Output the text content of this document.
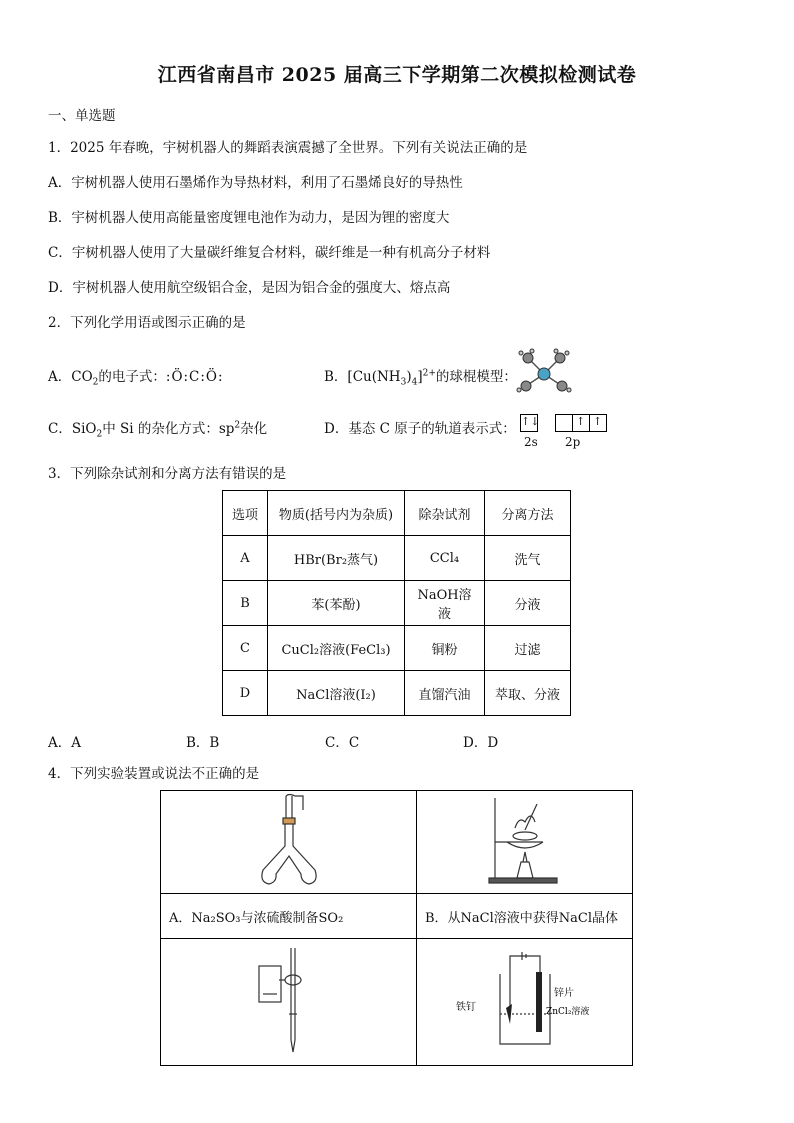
江西省南昌市 2025 届高三下学期第二次模拟检测试卷
一、单选题
1．2025 年春晚，宇树机器人的舞蹈表演震撼了全世界。下列有关说法正确的是
A．宇树机器人使用石墨烯作为导热材料，利用了石墨烯良好的导热性
B．宇树机器人使用高能量密度锂电池作为动力，是因为锂的密度大
C．宇树机器人使用了大量碳纤维复合材料，碳纤维是一种有机高分子材料
D．宇树机器人使用航空级铝合金，是因为铝合金的强度大、熔点高
2．下列化学用语或图示正确的是
A．$CO_2$的电子式：:Ö:C:Ö:	B．$[Cu(NH_3)_4]^{2+}$的球棍模型：
C．SiO$_2$中 Si 的杂化方式：$sp^2$杂化	D．基态 C 原子的轨道表示式： ↑↓	↑ ↑
2s 2p
3．下列除杂试剂和分离方法有错误的是
选项	物质(括号内为杂质)	除杂试剂	分离方法
A	HBr(Br₂蒸气)	CCl₄	洗气
B	苯(苯酚)	NaOH溶液	分液
C	CuCl₂溶液(FeCl₃)	铜粉	过滤
D	NaCl溶液(I₂)	直馏汽油	萃取、分液
A．A	B．B	C．C	D．D
4．下列实验装置或说法不正确的是

A．Na₂SO₃与浓硫酸制备SO₂	B．从NaCl溶液中获得NaCl晶体

铁钉
锌片
ZnCl₂溶液
